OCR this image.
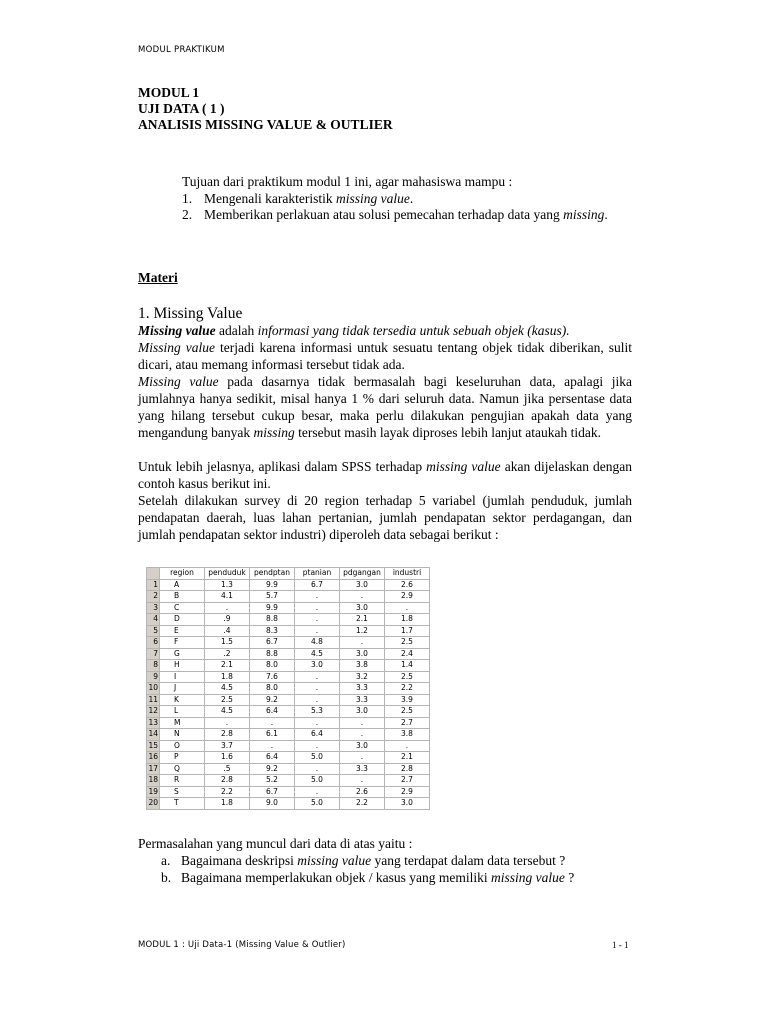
MODUL PRAKTIKUM
MODUL 1
UJI DATA ( 1 )
ANALISIS MISSING VALUE & OUTLIER
Tujuan dari praktikum modul 1 ini, agar mahasiswa mampu :
1. Mengenali karakteristik missing value.
2. Memberikan perlakuan atau solusi pemecahan terhadap data yang missing.
Materi
1. Missing Value

Missing value adalah informasi yang tidak tersedia untuk sebuah objek (kasus).

Missing value terjadi karena informasi untuk sesuatu tentang objek tidak diberikan, sulit dicari, atau memang informasi tersebut tidak ada.

Missing value pada dasarnya tidak bermasalah bagi keseluruhan data, apalagi jika jumlahnya hanya sedikit, misal hanya 1 % dari seluruh data. Namun jika persentase data yang hilang tersebut cukup besar, maka perlu dilakukan pengujian apakah data yang mengandung banyak missing tersebut masih layak diproses lebih lanjut ataukah tidak.

Untuk lebih jelasnya, aplikasi dalam SPSS terhadap missing value akan dijelaskan dengan contoh kasus berikut ini.

Setelah dilakukan survey di 20 region terhadap 5 variabel (jumlah penduduk, jumlah pendapatan daerah, luas lahan pertanian, jumlah pendapatan sektor perdagangan, dan jumlah pendapatan sektor industri) diperoleh data sebagai berikut :

	region	penduduk	pendptan	ptanian	pdgangan	industri
1	A	1.3	9.9	6.7	3.0	2.6
2	B	4.1	5.7	.	.	2.9
3	C	.	9.9	.	3.0	.
4	D	.9	8.8	.	2.1	1.8
5	E	.4	8.3	.	1.2	1.7
6	F	1.5	6.7	4.8	.	2.5
7	G	.2	8.8	4.5	3.0	2.4
8	H	2.1	8.0	3.0	3.8	1.4
9	I	1.8	7.6	.	3.2	2.5
10	J	4.5	8.0	.	3.3	2.2
11	K	2.5	9.2	.	3.3	3.9
12	L	4.5	6.4	5.3	3.0	2.5
13	M	.	.	.	.	2.7
14	N	2.8	6.1	6.4	.	3.8
15	O	3.7	.	.	3.0	.
16	P	1.6	6.4	5.0	.	2.1
17	Q	.5	9.2	.	3.3	2.8
18	R	2.8	5.2	5.0	.	2.7
19	S	2.2	6.7	.	2.6	2.9
20	T	1.8	9.0	5.0	2.2	3.0

Permasalahan yang muncul dari data di atas yaitu :

a. Bagaimana deskripsi missing value yang terdapat dalam data tersebut ?
b. Bagaimana memperlakukan objek / kasus yang memiliki missing value ?
MODUL 1 : Uji Data-1 (Missing Value & Outlier)	1 - 1
